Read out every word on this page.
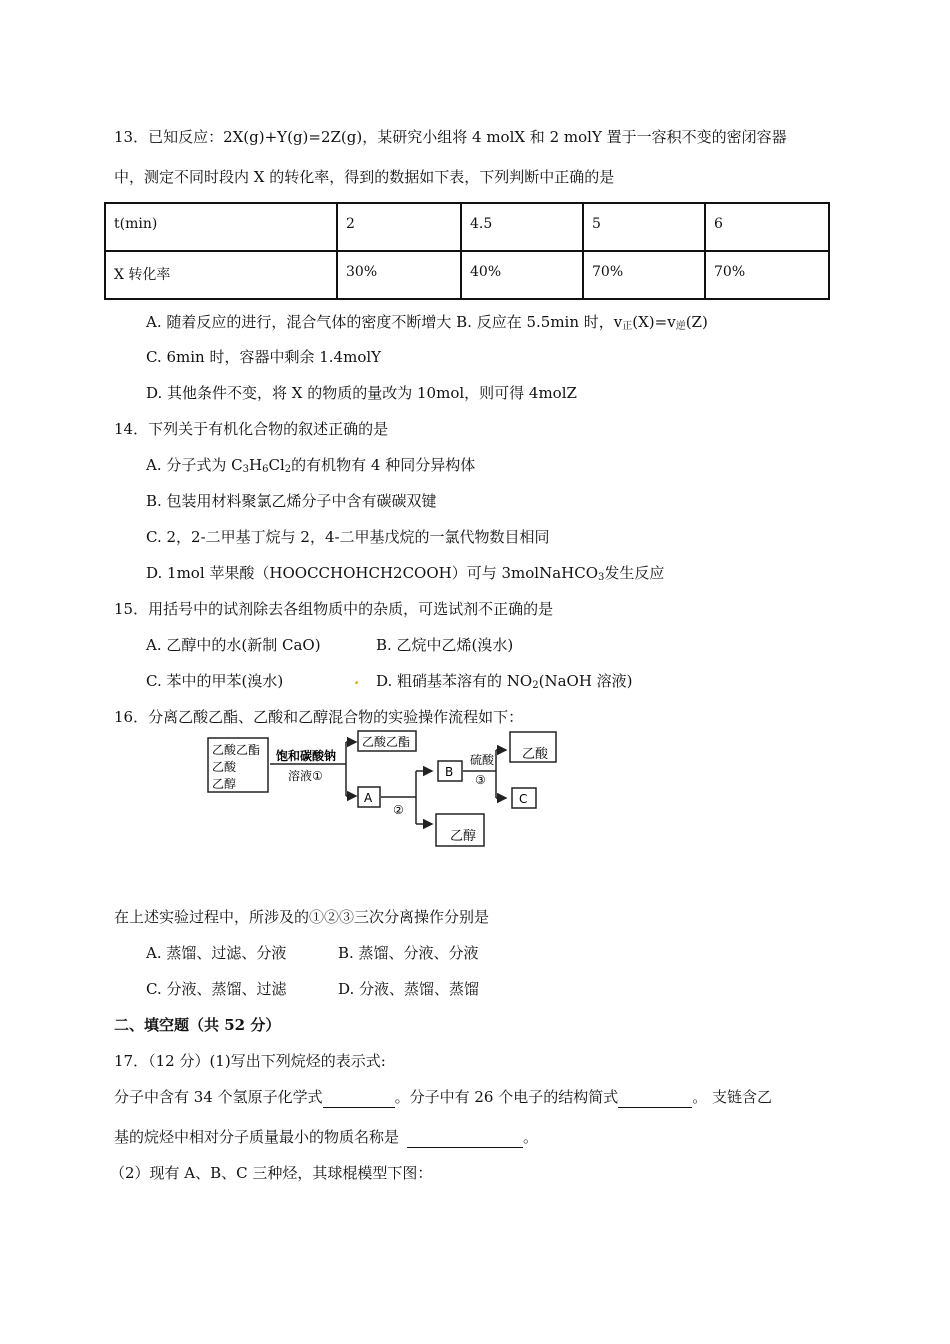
13．已知反应：2X(g)+Y(g)=2Z(g)，某研究小组将 4 molX 和 2 molY 置于一容积不变的密闭容器
中，测定不同时段内 X 的转化率，得到的数据如下表，下列判断中正确的是
t(min)	2	4.5	5	6
X 转化率	30%	40%	70%	70%
A. 随着反应的进行，混合气体的密度不断增大 B. 反应在 5.5min 时，$v_正(X)=v_逆(Z)$
C. 6min 时，容器中剩余 1.4molY
D. 其他条件不变，将 X 的物质的量改为 10mol，则可得 4molZ
14．下列关于有机化合物的叙述正确的是
A. 分子式为 $C_3H_6Cl_2$的有机物有 4 种同分异构体
B. 包装用材料聚氯乙烯分子中含有碳碳双键
C. 2，2-二甲基丁烷与 2，4-二甲基戊烷的一氯代物数目相同
D. 1mol 苹果酸（HOOCCHOHCH2COOH）可与 3molNaHCO$_3$发生反应
15．用括号中的试剂除去各组物质中的杂质，可选试剂不正确的是
A. 乙醇中的水(新制 CaO)	B. 乙烷中乙烯(溴水)
C. 苯中的甲苯(溴水)	. D. 粗硝基苯溶有的 $NO_2(NaOH$ 溶液)
16．分离乙酸乙酯、乙酸和乙醇混合物的实验操作流程如下：
乙酸乙酯
乙酸
乙醇
饱和碳酸钠
溶液①
乙酸乙酯
A
②
B
乙醇
硫酸
③
乙酸
C
在上述实验过程中，所涉及的①②③三次分离操作分别是
A. 蒸馏、过滤、分液	B. 蒸馏、分液、分液
C. 分液、蒸馏、过滤	D. 分液、蒸馏、蒸馏
二、填空题（共 52 分）
17．（12 分）(1)写出下列烷烃的表示式:
分子中含有 34 个氢原子化学式	。分子中有 26 个电子的结构简式	。 支链含乙
基的烷烃中相对分子质量最小的物质名称是	。
（2）现有 A、B、C 三种烃，其球棍模型下图：
